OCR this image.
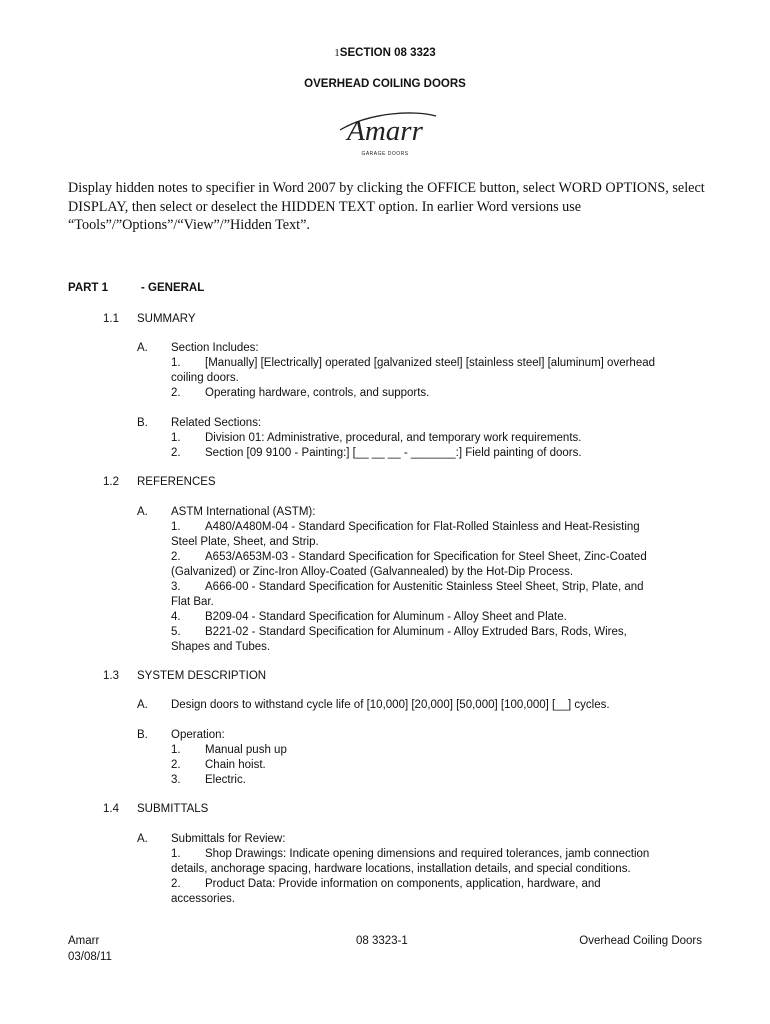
1SECTION 08 3323
OVERHEAD COILING DOORS
Amarr
GARAGE DOORS
Display hidden notes to specifier in Word 2007 by clicking the OFFICE button, select WORD OPTIONS, select DISPLAY, then select or deselect the HIDDEN TEXT option. In earlier Word versions use “Tools”/”Options”/“View”/”Hidden Text”.
PART 1	- GENERAL
1.1 SUMMARY
A. Section Includes:
1. [Manually] [Electrically] operated [galvanized steel] [stainless steel] [aluminum] overhead
coiling doors.
2. Operating hardware, controls, and supports.
B. Related Sections:
1. Division 01: Administrative, procedural, and temporary work requirements.
2. Section [09 9100 - Painting:] [__ __ __ - _______:] Field painting of doors.
1.2 REFERENCES
A. ASTM International (ASTM):
1. A480/A480M-04 - Standard Specification for Flat-Rolled Stainless and Heat-Resisting
Steel Plate, Sheet, and Strip.
2. A653/A653M-03 - Standard Specification for Specification for Steel Sheet, Zinc-Coated
(Galvanized) or Zinc-Iron Alloy-Coated (Galvannealed) by the Hot-Dip Process.
3. A666-00 - Standard Specification for Austenitic Stainless Steel Sheet, Strip, Plate, and
Flat Bar.
4. B209-04 - Standard Specification for Aluminum - Alloy Sheet and Plate.
5. B221-02 - Standard Specification for Aluminum - Alloy Extruded Bars, Rods, Wires,
Shapes and Tubes.
1.3 SYSTEM DESCRIPTION
A. Design doors to withstand cycle life of [10,000] [20,000] [50,000] [100,000] [__] cycles.
B. Operation:
1. Manual push up
2. Chain hoist.
3. Electric.
1.4 SUBMITTALS
A. Submittals for Review:
1. Shop Drawings: Indicate opening dimensions and required tolerances, jamb connection
details, anchorage spacing, hardware locations, installation details, and special conditions.
2. Product Data: Provide information on components, application, hardware, and
accessories.
Amarr
03/08/11
08 3323-1	Overhead Coiling Doors
